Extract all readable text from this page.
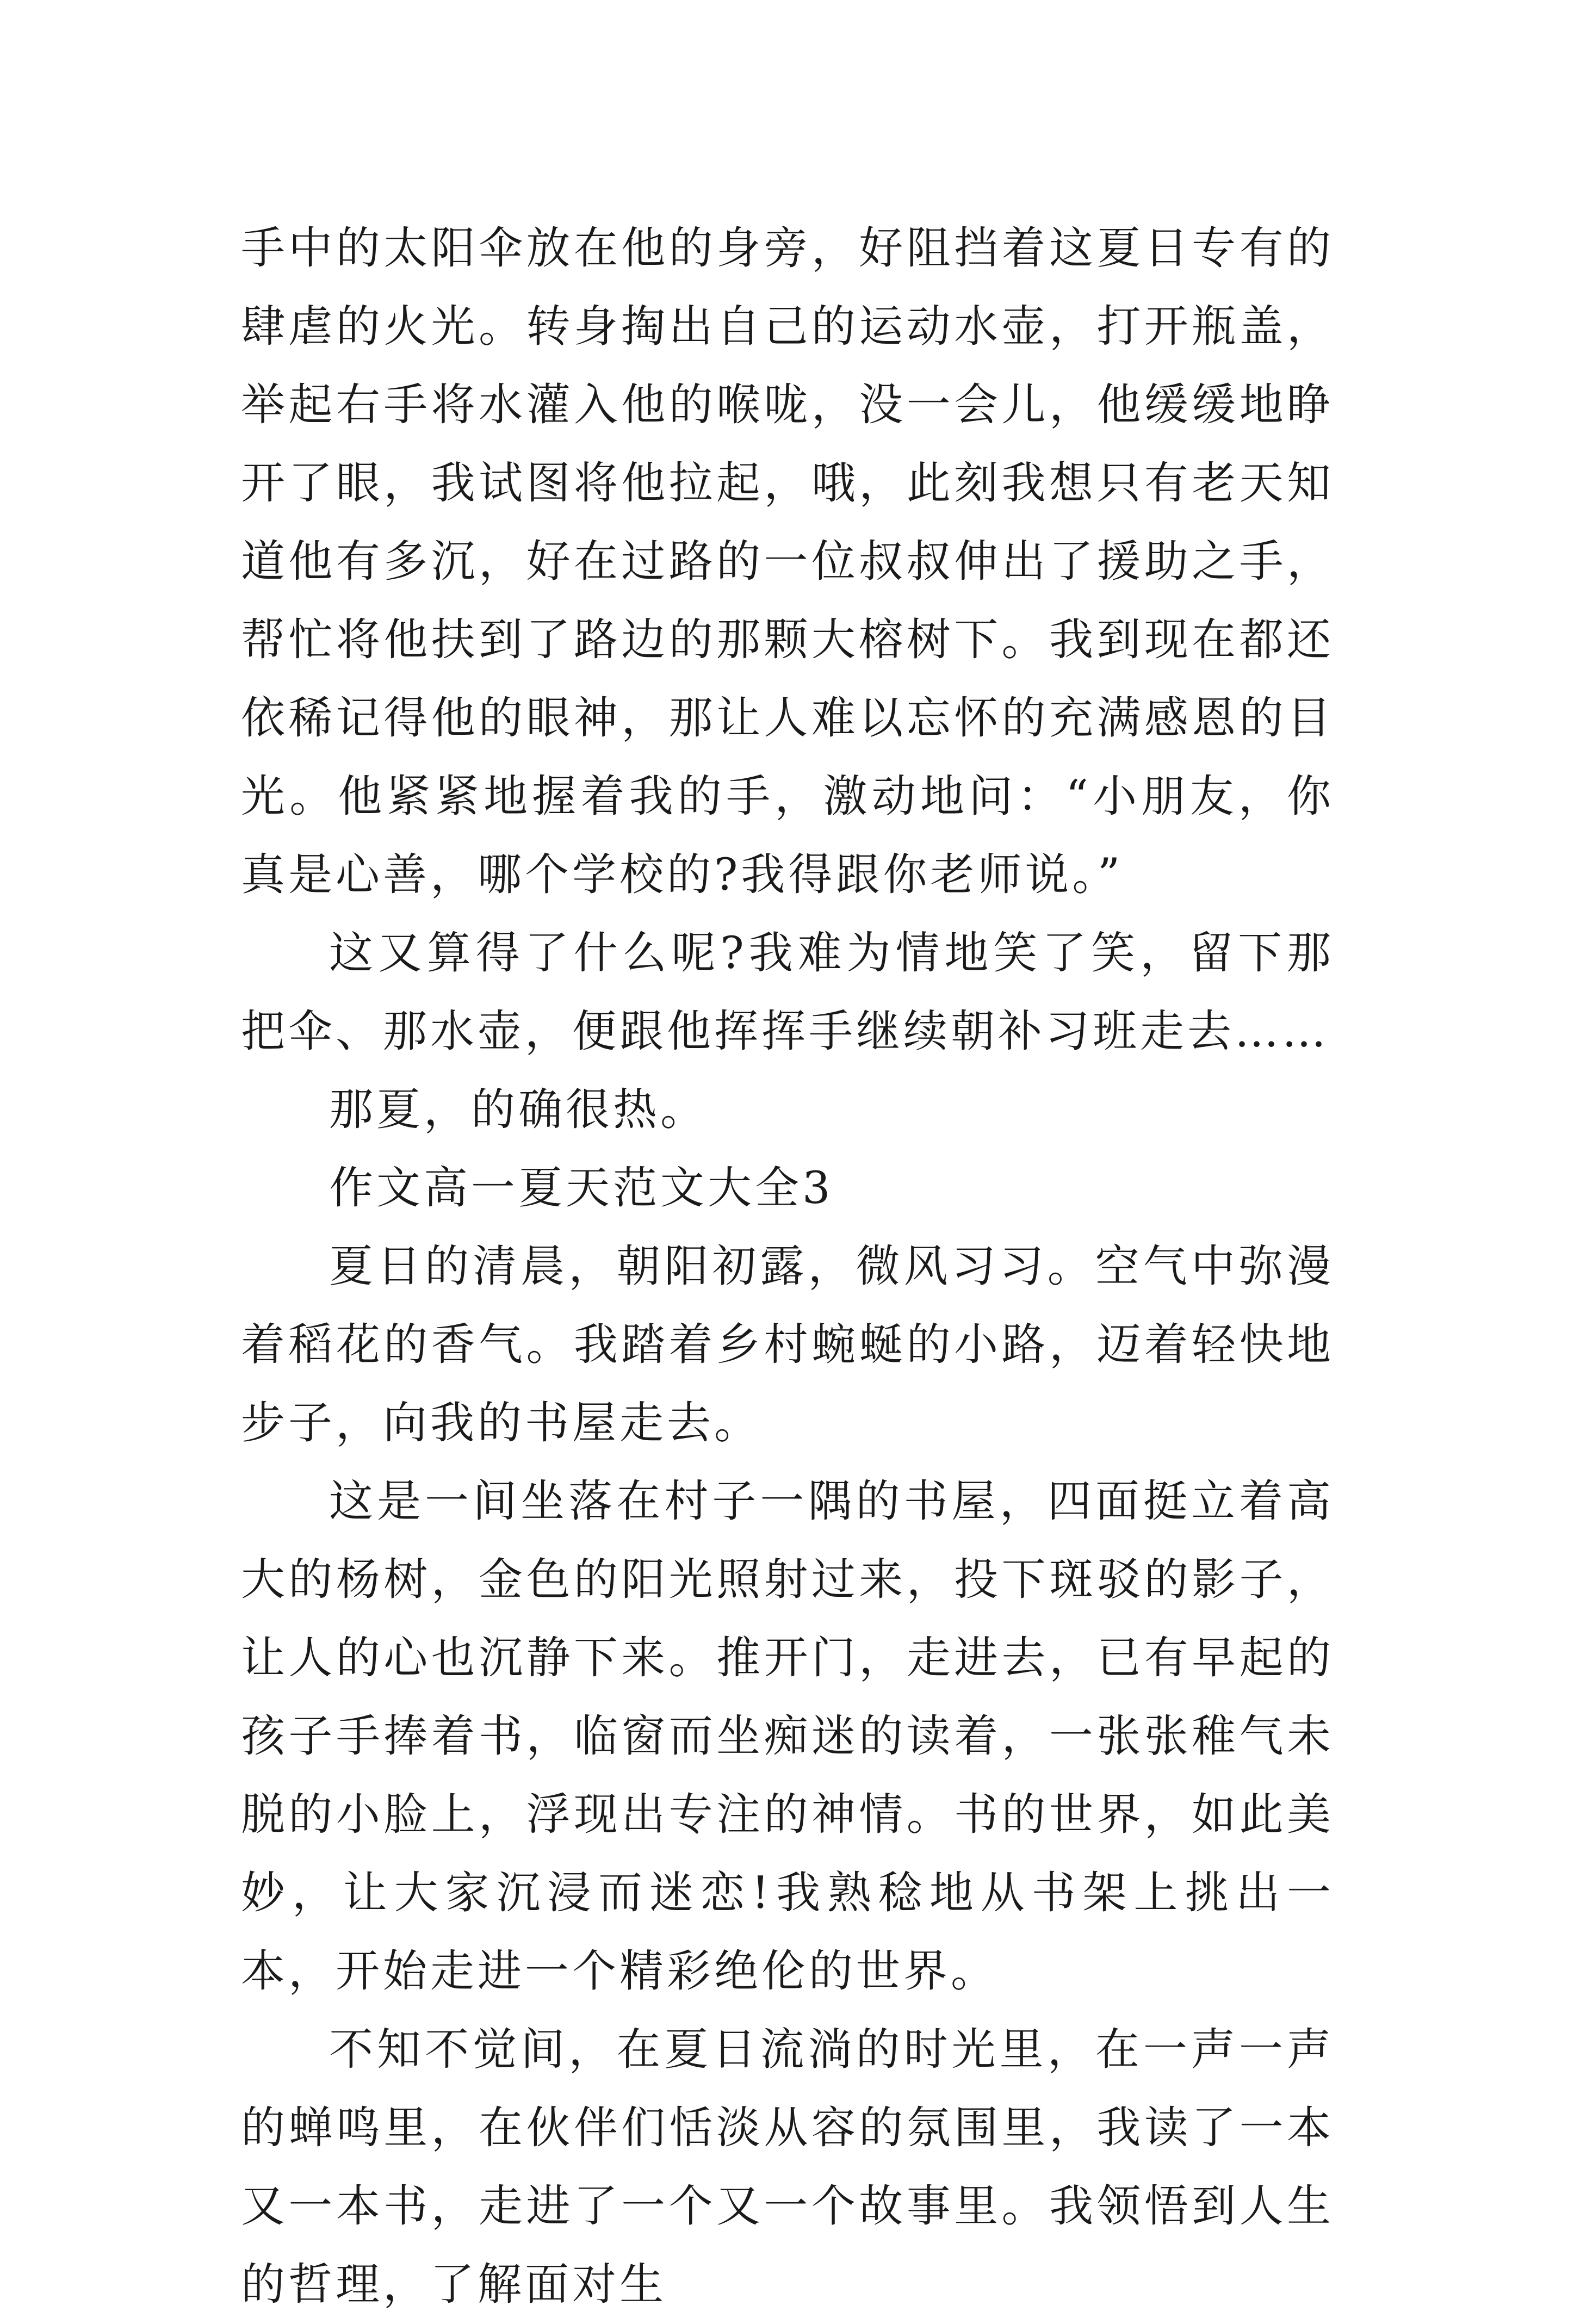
手中的太阳伞放在他的身旁，好阻挡着这夏日专有的肆虐的火光。转身掏出自己的运动水壶，打开瓶盖，举起右手将水灌入他的喉咙，没一会儿，他缓缓地睁开了眼，我试图将他拉起，哦，此刻我想只有老天知道他有多沉，好在过路的一位叔叔伸出了援助之手，帮忙将他扶到了路边的那颗大榕树下。我到现在都还依稀记得他的眼神，那让人难以忘怀的充满感恩的目光。他紧紧地握着我的手，激动地问：“小朋友，你真是心善，哪个学校的?我得跟你老师说。”

这又算得了什么呢?我难为情地笑了笑，留下那把伞、那水壶，便跟他挥挥手继续朝补习班走去……

那夏，的确很热。

作文高一夏天范文大全3

夏日的清晨，朝阳初露，微风习习。空气中弥漫着稻花的香气。我踏着乡村蜿蜒的小路，迈着轻快地步子，向我的书屋走去。

这是一间坐落在村子一隅的书屋，四面挺立着高大的杨树，金色的阳光照射过来，投下斑驳的影子，让人的心也沉静下来。推开门，走进去，已有早起的孩子手捧着书，临窗而坐痴迷的读着，一张张稚气未脱的小脸上，浮现出专注的神情。书的世界，如此美妙，让大家沉浸而迷恋!我熟稔地从书架上挑出一本，开始走进一个精彩绝伦的世界。

不知不觉间，在夏日流淌的时光里，在一声一声的蝉鸣里，在伙伴们恬淡从容的氛围里，我读了一本又一本书，走进了一个又一个故事里。我领悟到人生的哲理，了解面对生
